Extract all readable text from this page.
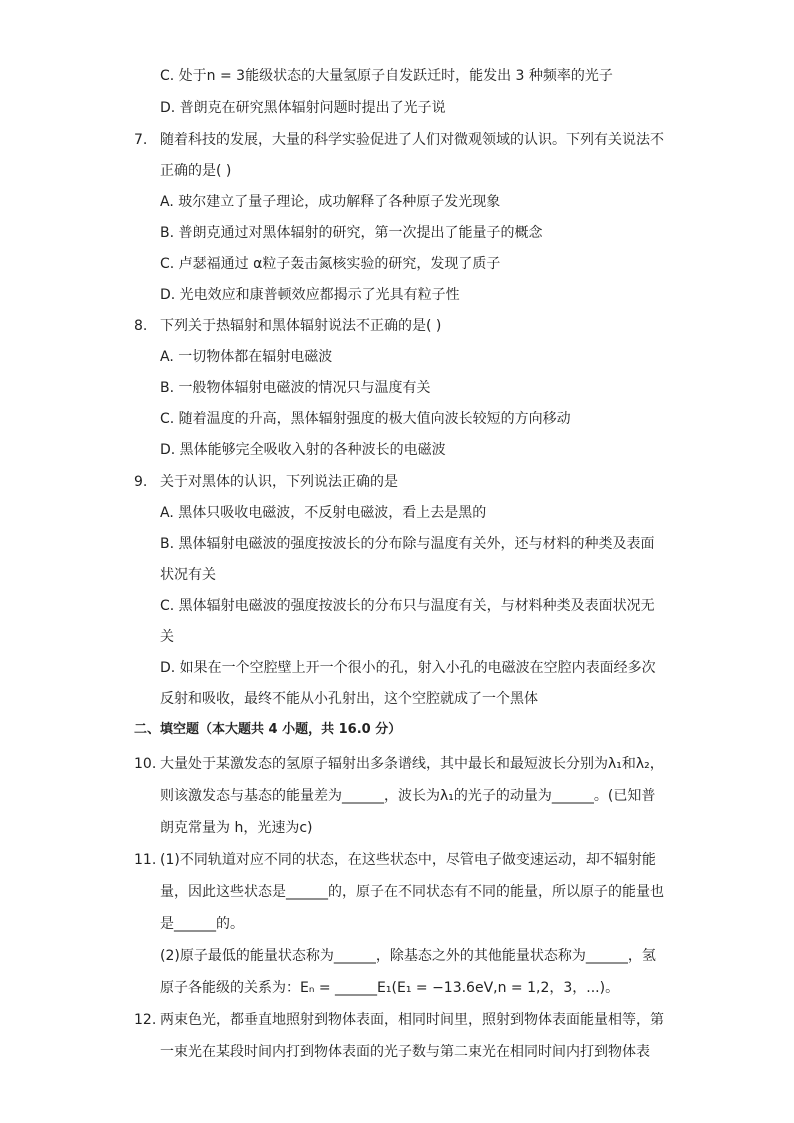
C. 处于n = 3能级状态的大量氢原子自发跃迁时，能发出 3 种频率的光子
D. 普朗克在研究黑体辐射问题时提出了光子说
7. 随着科技的发展，大量的科学实验促进了人们对微观领域的认识。下列有关说法不
正确的是( )
A. 玻尔建立了量子理论，成功解释了各种原子发光现象
B. 普朗克通过对黑体辐射的研究，第一次提出了能量子的概念
C. 卢瑟福通过 α粒子轰击氮核实验的研究，发现了质子
D. 光电效应和康普顿效应都揭示了光具有粒子性
8. 下列关于热辐射和黑体辐射说法不正确的是( )
A. 一切物体都在辐射电磁波
B. 一般物体辐射电磁波的情况只与温度有关
C. 随着温度的升高，黑体辐射强度的极大值向波长较短的方向移动
D. 黑体能够完全吸收入射的各种波长的电磁波
9. 关于对黑体的认识，下列说法正确的是
A. 黑体只吸收电磁波，不反射电磁波，看上去是黑的
B. 黑体辐射电磁波的强度按波长的分布除与温度有关外，还与材料的种类及表面
状况有关
C. 黑体辐射电磁波的强度按波长的分布只与温度有关，与材料种类及表面状况无
关
D. 如果在一个空腔壁上开一个很小的孔，射入小孔的电磁波在空腔内表面经多次
反射和吸收，最终不能从小孔射出，这个空腔就成了一个黑体
二、填空题（本大题共 4 小题，共 16.0 分）
10. 大量处于某激发态的氢原子辐射出多条谱线，其中最长和最短波长分别为λ₁和λ₂，
则该激发态与基态的能量差为______，波长为λ₁的光子的动量为______。(已知普
朗克常量为 h，光速为c)
11. (1)不同轨道对应不同的状态，在这些状态中，尽管电子做变速运动，却不辐射能
量，因此这些状态是______的，原子在不同状态有不同的能量，所以原子的能量也
是______的。
(2)原子最低的能量状态称为______，除基态之外的其他能量状态称为______，氢
原子各能级的关系为：Eₙ = ______E₁(E₁ = −13.6eV,n = 1,2，3，...)。
12. 两束色光，都垂直地照射到物体表面，相同时间里，照射到物体表面能量相等，第
一束光在某段时间内打到物体表面的光子数与第二束光在相同时间内打到物体表
